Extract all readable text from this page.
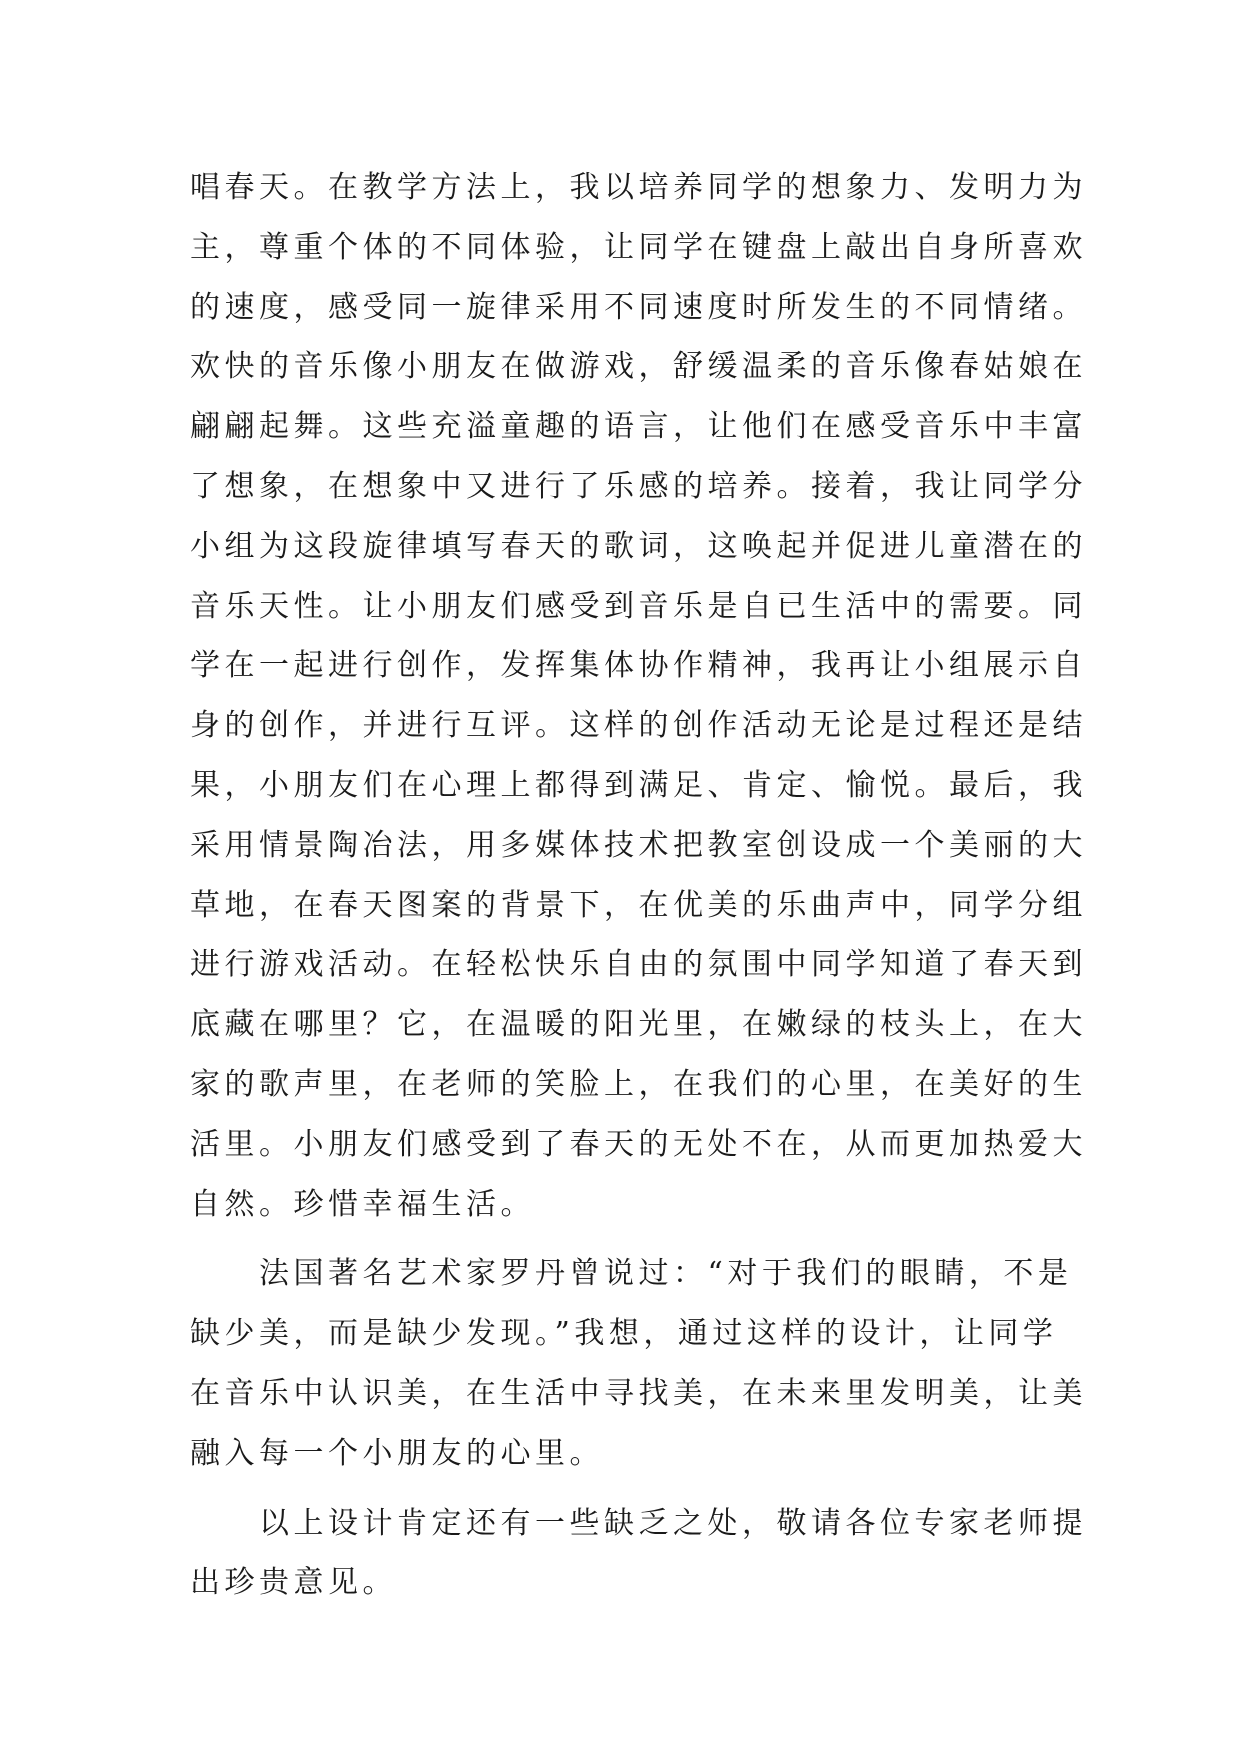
唱春天。在教学方法上，我以培养同学的想象力、发明力为
主，尊重个体的不同体验，让同学在键盘上敲出自身所喜欢
的速度，感受同一旋律采用不同速度时所发生的不同情绪。
欢快的音乐像小朋友在做游戏，舒缓温柔的音乐像春姑娘在
翩翩起舞。这些充溢童趣的语言，让他们在感受音乐中丰富
了想象，在想象中又进行了乐感的培养。接着，我让同学分
小组为这段旋律填写春天的歌词，这唤起并促进儿童潜在的
音乐天性。让小朋友们感受到音乐是自已生活中的需要。同
学在一起进行创作，发挥集体协作精神，我再让小组展示自
身的创作，并进行互评。这样的创作活动无论是过程还是结
果，小朋友们在心理上都得到满足、肯定、愉悦。最后，我
采用情景陶冶法，用多媒体技术把教室创设成一个美丽的大
草地，在春天图案的背景下，在优美的乐曲声中，同学分组
进行游戏活动。在轻松快乐自由的氛围中同学知道了春天到
底藏在哪里？它，在温暖的阳光里，在嫩绿的枝头上，在大
家的歌声里，在老师的笑脸上，在我们的心里，在美好的生
活里。小朋友们感受到了春天的无处不在，从而更加热爱大
自然。珍惜幸福生活。
　　法国著名艺术家罗丹曾说过：“对于我们的眼睛，不是
缺少美，而是缺少发现。”我想，通过这样的设计，让同学
在音乐中认识美，在生活中寻找美，在未来里发明美，让美
融入每一个小朋友的心里。
　　以上设计肯定还有一些缺乏之处，敬请各位专家老师提
出珍贵意见。
